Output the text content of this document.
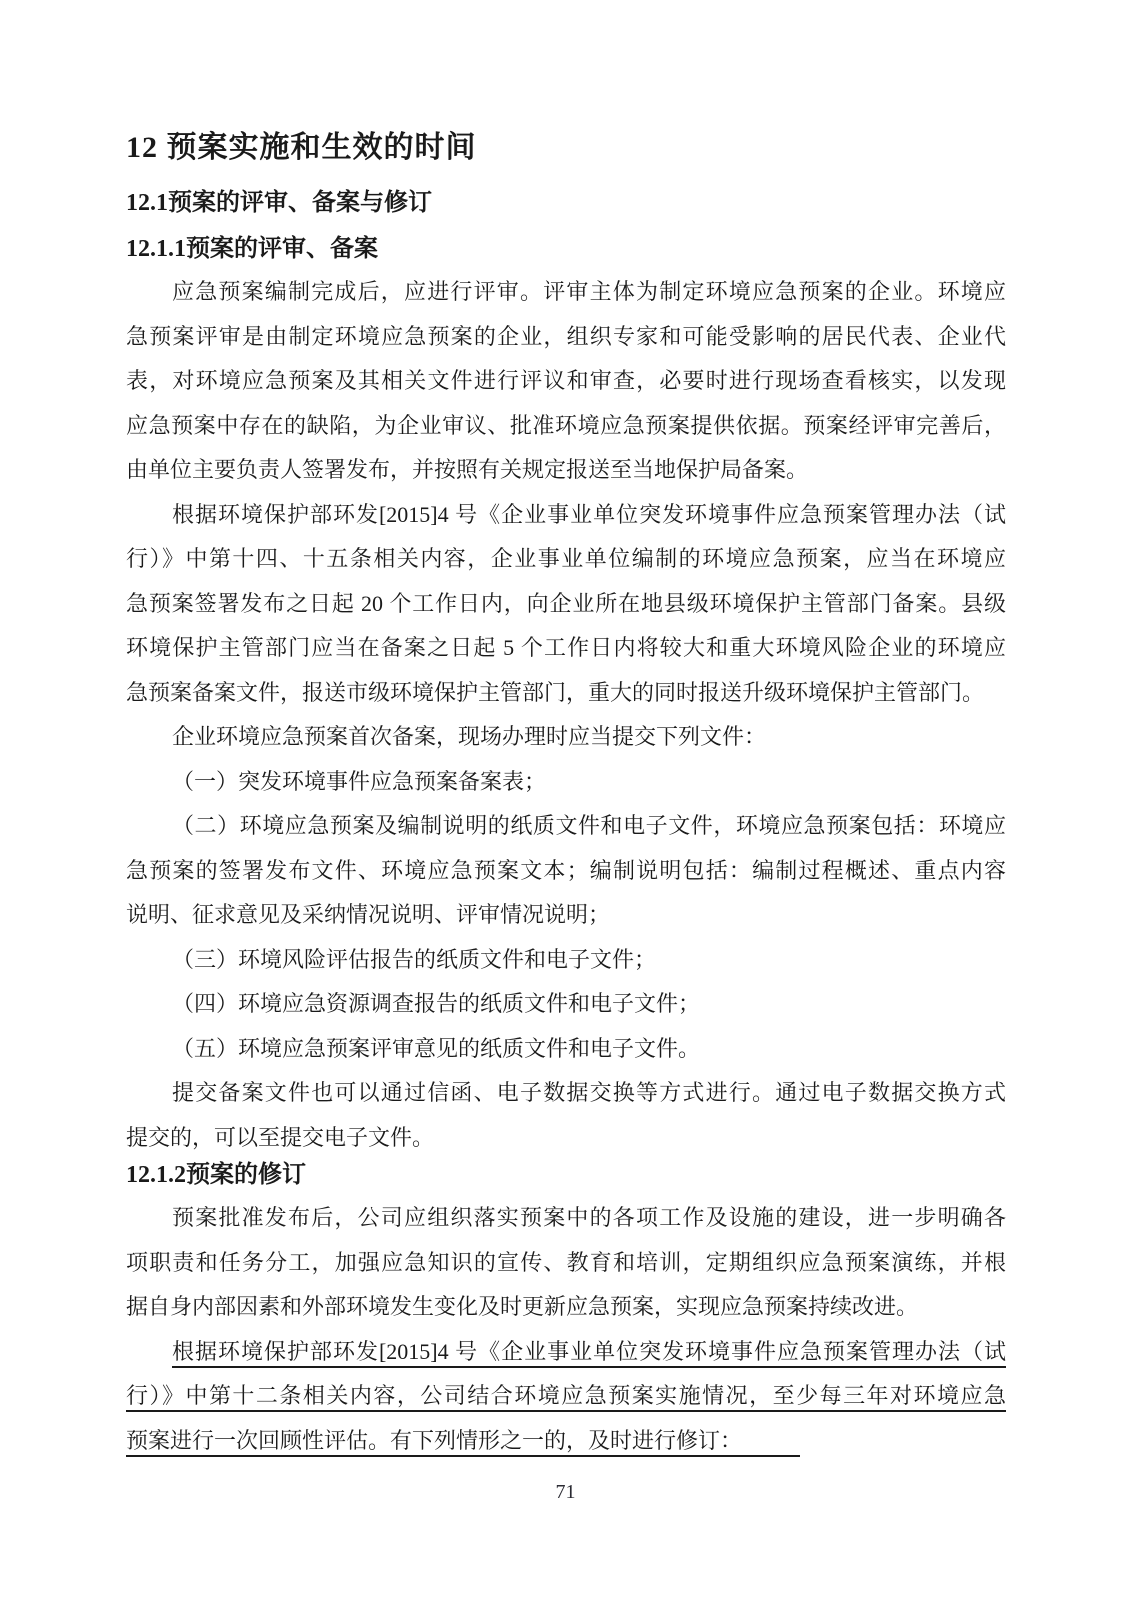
12 预案实施和生效的时间
12.1预案的评审、备案与修订
12.1.1预案的评审、备案
应急预案编制完成后，应进行评审。评审主体为制定环境应急预案的企业。环境应
急预案评审是由制定环境应急预案的企业，组织专家和可能受影响的居民代表、企业代
表，对环境应急预案及其相关文件进行评议和审查，必要时进行现场查看核实，以发现
应急预案中存在的缺陷，为企业审议、批准环境应急预案提供依据。预案经评审完善后，
由单位主要负责人签署发布，并按照有关规定报送至当地保护局备案。
根据环境保护部环发[2015]4 号《企业事业单位突发环境事件应急预案管理办法（试
行）》中第十四、十五条相关内容，企业事业单位编制的环境应急预案，应当在环境应
急预案签署发布之日起 20 个工作日内，向企业所在地县级环境保护主管部门备案。县级
环境保护主管部门应当在备案之日起 5 个工作日内将较大和重大环境风险企业的环境应
急预案备案文件，报送市级环境保护主管部门，重大的同时报送升级环境保护主管部门。
企业环境应急预案首次备案，现场办理时应当提交下列文件：
（一）突发环境事件应急预案备案表；
（二）环境应急预案及编制说明的纸质文件和电子文件，环境应急预案包括：环境应
急预案的签署发布文件、环境应急预案文本；编制说明包括：编制过程概述、重点内容
说明、征求意见及采纳情况说明、评审情况说明；
（三）环境风险评估报告的纸质文件和电子文件；
（四）环境应急资源调查报告的纸质文件和电子文件；
（五）环境应急预案评审意见的纸质文件和电子文件。
提交备案文件也可以通过信函、电子数据交换等方式进行。通过电子数据交换方式
提交的，可以至提交电子文件。
12.1.2预案的修订
预案批准发布后，公司应组织落实预案中的各项工作及设施的建设，进一步明确各
项职责和任务分工，加强应急知识的宣传、教育和培训，定期组织应急预案演练，并根
据自身内部因素和外部环境发生变化及时更新应急预案，实现应急预案持续改进。
根据环境保护部环发[2015]4 号《企业事业单位突发环境事件应急预案管理办法（试
行）》中第十二条相关内容，公司结合环境应急预案实施情况，至少每三年对环境应急
预案进行一次回顾性评估。有下列情形之一的，及时进行修订：
71
